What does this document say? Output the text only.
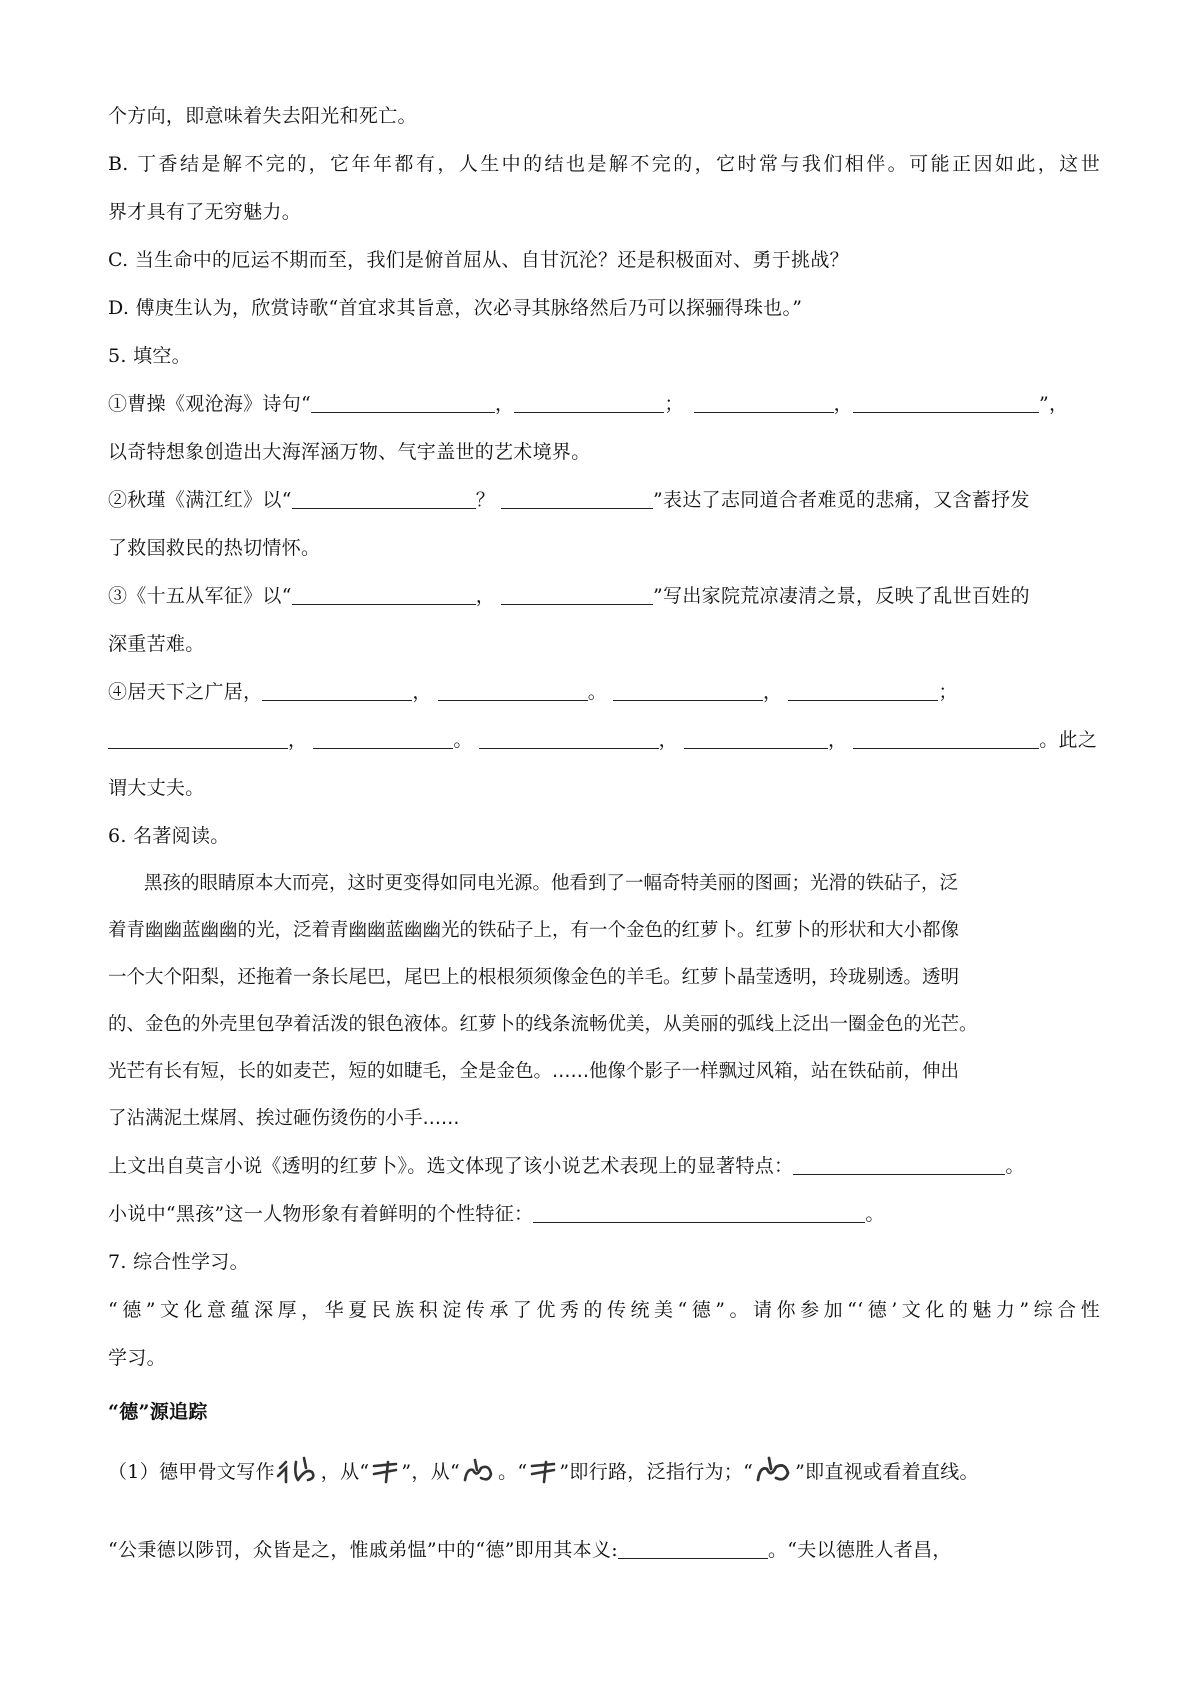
个方向，即意味着失去阳光和死亡。
B. 丁香结是解不完的，它年年都有，人生中的结也是解不完的，它时常与我们相伴。可能正因如此，这世
界才具有了无穷魅力。
C. 当生命中的厄运不期而至，我们是俯首屈从、自甘沉沦？还是积极面对、勇于挑战？
D. 傅庚生认为，欣赏诗歌“首宜求其旨意，次必寻其脉络然后乃可以探骊得珠也。”
5. 填空。
①曹操《观沧海》诗句“	，	；	，	”，
以奇特想象创造出大海浑涵万物、气宇盖世的艺术境界。
②秋瑾《满江红》以“	？	”表达了志同道合者难觅的悲痛，又含蓄抒发
了救国救民的热切情怀。
③《十五从军征》以“	，	”写出家院荒凉凄清之景，反映了乱世百姓的
深重苦难。
④居天下之广居，	，	。	，	；
，	。	，	，	。此之
谓大丈夫。
6. 名著阅读。
黑孩的眼睛原本大而亮，这时更变得如同电光源。他看到了一幅奇特美丽的图画；光滑的铁砧子，泛
着青幽幽蓝幽幽的光，泛着青幽幽蓝幽幽光的铁砧子上，有一个金色的红萝卜。红萝卜的形状和大小都像
一个大个阳梨，还拖着一条长尾巴，尾巴上的根根须须像金色的羊毛。红萝卜晶莹透明，玲珑剔透。透明
的、金色的外壳里包孕着活泼的银色液体。红萝卜的线条流畅优美，从美丽的弧线上泛出一圈金色的光芒。
光芒有长有短，长的如麦芒，短的如睫毛，全是金色。……他像个影子一样飘过风箱，站在铁砧前，伸出
了沾满泥土煤屑、挨过砸伤烫伤的小手……
上文出自莫言小说《透明的红萝卜》。选文体现了该小说艺术表现上的显著特点：	。
小说中“黑孩”这一人物形象有着鲜明的个性特征：	。
7. 综合性学习。
“德”文化意蕴深厚，华夏民族积淀传承了优秀的传统美“德”。请你参加“‘德’文化的魅力”综合性
学习。
“德”源追踪
（1）德甲骨文写作 ，从“ ”，从“ 。“ ”即行路，泛指行为；“ ”即直视或看着直线。
“公秉德以陟罚，众皆是之，惟戚弟愠”中的“德”即用其本义:	。“夫以德胜人者昌，
